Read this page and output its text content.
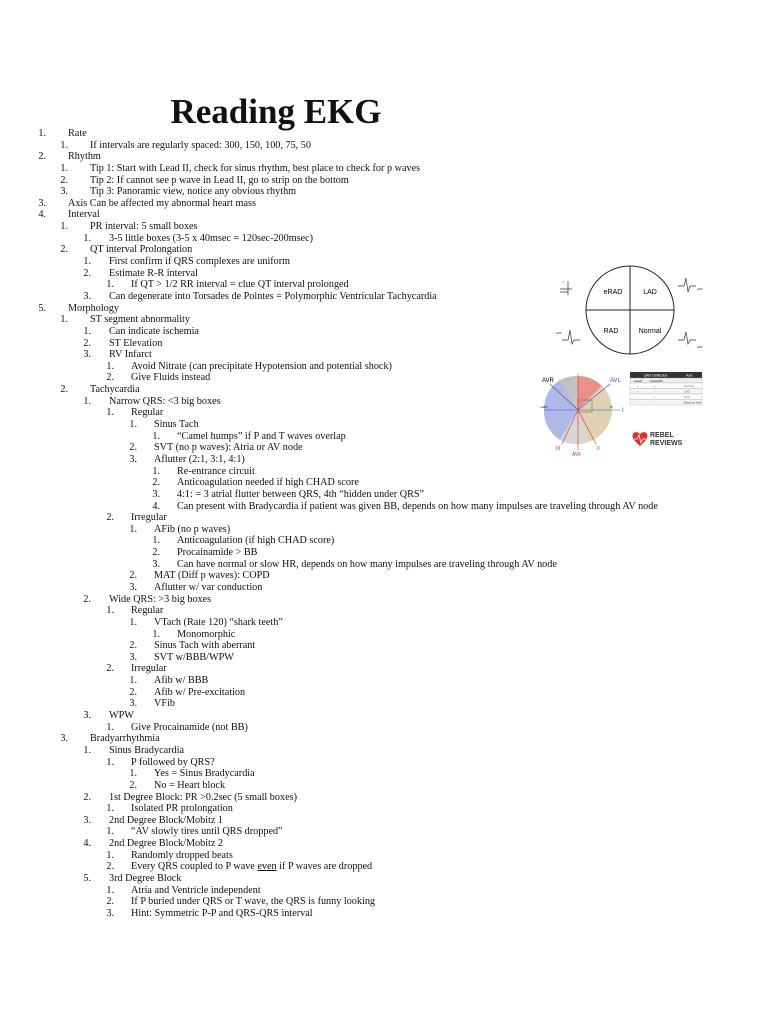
Reading EKG
1. Rate
1. If intervals are regularly spaced: 300, 150, 100, 75, 50
2. Rhythm
1. Tip 1: Start with Lead II, check for sinus rhythm, best place to check for p waves
2. Tip 2: If cannot see p wave in Lead II, go to strip on the bottom
3. Tip 3: Panoramic view, notice any obvious rhythm
3. Axis Can be affected my abnormal heart mass
4. Interval
1. PR interval: 5 small boxes
1. 3-5 little boxes (3-5 x 40msec = 120sec-200msec)
2. QT interval Prolongation
1. First confirm if QRS complexes are uniform
2. Estimate R-R interval
1. If QT > 1/2 RR interval = clue QT interval prolonged
3. Can degenerate into Torsades de Pointes = Polymorphic Ventricular Tachycardia
5. Morphology
1. ST segment abnormality
1. Can indicate ischemia
2. ST Elevation
3. RV Infarct
1. Avoid Nitrate (can precipitate Hypotension and potential shock)
2. Give Fluids instead
2. Tachycardia
1. Narrow QRS: <3 big boxes
1. Regular
1. Sinus Tach
1. “Camel humps” if P and T waves overlap
2. SVT (no p waves): Atria or AV node
3. Aflutter (2:1, 3:1, 4:1)
1. Re-entrance circuit
2. Anticoagulation needed if high CHAD score
3. 4:1: = 3 atrial flutter between QRS, 4th “hidden under QRS”
4. Can present with Bradycardia if patient was given BB, depends on how many impulses are traveling through AV node
2. Irregular
1. AFib (no p waves)
1. Anticoagulation (if high CHAD score)
2. Procainamide > BB
3. Can have normal or slow HR, depends on how many impulses are traveling through AV node
2. MAT (Diff p waves): COPD
3. Aflutter w/ var conduction
2. Wide QRS: >3 big boxes
1. Regular
1. VTach (Rate 120) “shark teeth”
1. Monomorphic
2. Sinus Tach with aberrant
3. SVT w/BBB/WPW
2. Irregular
1. Afib w/ BBB
2. Afib w/ Pre-excitation
3. VFib
3. WPW
1. Give Procainamide (not BB)
3. Bradyarrhythmia
1. Sinus Bradycardia
1. P followed by QRS?
1. Yes = Sinus Bradycardia
2. No = Heart block
2. 1st Degree Block: PR >0.2sec (5 small boxes)
1. Isolated PR prolongation
3. 2nd Degree Block/Mobitz 1
1. “AV slowly tires until QRS dropped”
4. 2nd Degree Block/Mobitz 2
1. Randomly dropped beats
2. Every QRS coupled to P wave even if P waves are dropped
5. 3rd Degree Block
1. Atria and Ventricle independent
2. If P buried under QRS or T wave, the QRS is funny looking
3. Hint: Symmetric P-P and QRS-QRS interval
eRAD	LAD
RAD	Normal
I
aVF
aVF
aVF
AVR	AVL
I
III
AVF
II
+180°	0°
QRS Deflection	Axis
Lead I	Lead aVF
+	+	Normal
+	-	LAD
-	+	RAD
-	-	Extreme Axis
REBEL
REVIEWS
